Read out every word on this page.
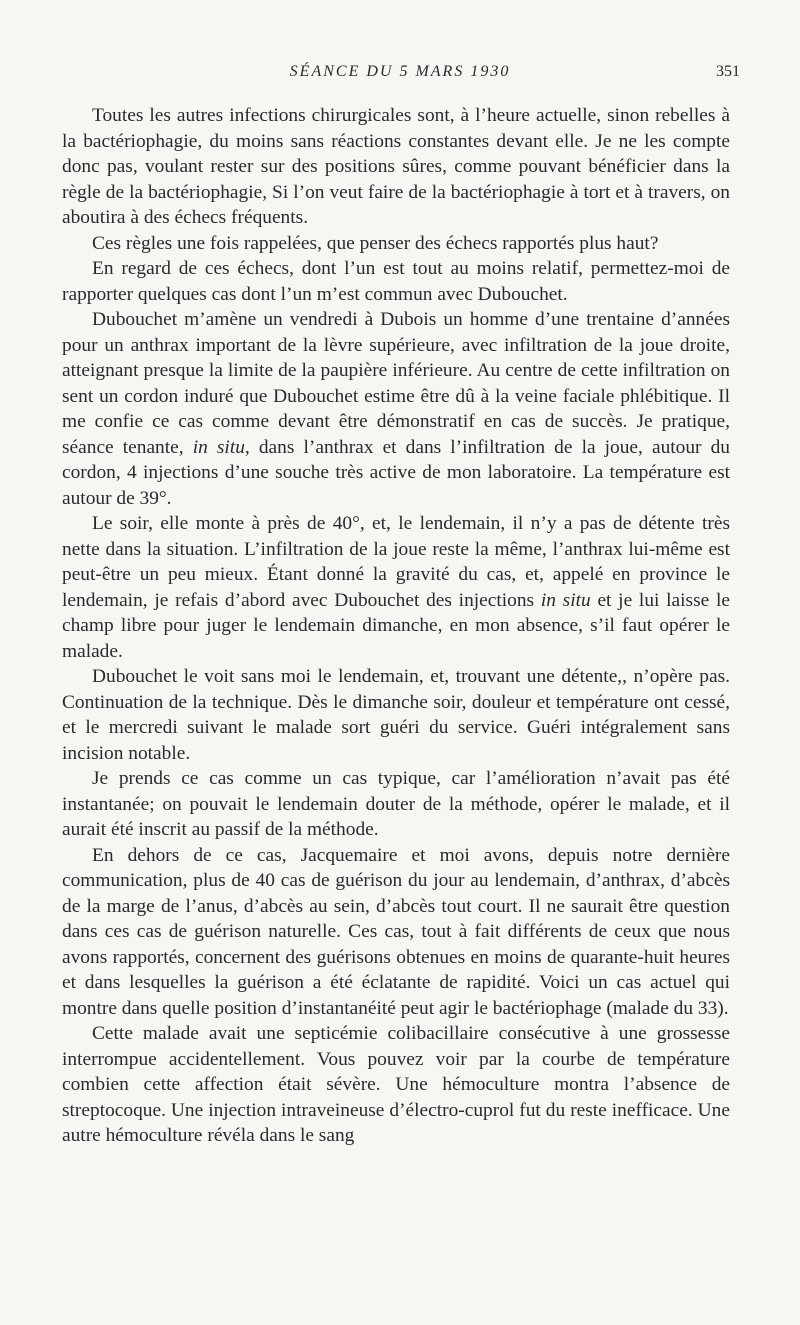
SÉANCE DU 5 MARS 1930	351

Toutes les autres infections chirurgicales sont, à l’heure actuelle, sinon rebelles à la bactériophagie, du moins sans réactions constantes devant elle. Je ne les compte donc pas, voulant rester sur des positions sûres, comme pouvant bénéficier dans la règle de la bactériophagie, Si l’on veut faire de la bactériophagie à tort et à travers, on aboutira à des échecs fréquents.

Ces règles une fois rappelées, que penser des échecs rapportés plus haut?

En regard de ces échecs, dont l’un est tout au moins relatif, permettez-moi de rapporter quelques cas dont l’un m’est commun avec Dubouchet.

Dubouchet m’amène un vendredi à Dubois un homme d’une trentaine d’années pour un anthrax important de la lèvre supérieure, avec infiltration de la joue droite, atteignant presque la limite de la paupière inférieure. Au centre de cette infiltration on sent un cordon induré que Dubouchet estime être dû à la veine faciale phlébitique. Il me confie ce cas comme devant être démonstratif en cas de succès. Je pratique, séance tenante, in situ, dans l’anthrax et dans l’infiltration de la joue, autour du cordon, 4 injections d’une souche très active de mon laboratoire. La température est autour de 39°.

Le soir, elle monte à près de 40°, et, le lendemain, il n’y a pas de détente très nette dans la situation. L’infiltration de la joue reste la même, l’anthrax lui-même est peut-être un peu mieux. Étant donné la gravité du cas, et, appelé en province le lendemain, je refais d’abord avec Dubouchet des injections in situ et je lui laisse le champ libre pour juger le lendemain dimanche, en mon absence, s’il faut opérer le malade.

Dubouchet le voit sans moi le lendemain, et, trouvant une détente,, n’opère pas. Continuation de la technique. Dès le dimanche soir, douleur et température ont cessé, et le mercredi suivant le malade sort guéri du service. Guéri intégralement sans incision notable.

Je prends ce cas comme un cas typique, car l’amélioration n’avait pas été instantanée; on pouvait le lendemain douter de la méthode, opérer le malade, et il aurait été inscrit au passif de la méthode.

En dehors de ce cas, Jacquemaire et moi avons, depuis notre dernière communication, plus de 40 cas de guérison du jour au lendemain, d’anthrax, d’abcès de la marge de l’anus, d’abcès au sein, d’abcès tout court. Il ne saurait être question dans ces cas de guérison naturelle. Ces cas, tout à fait différents de ceux que nous avons rapportés, concernent des guérisons obtenues en moins de quarante-huit heures et dans lesquelles la guérison a été éclatante de rapidité. Voici un cas actuel qui montre dans quelle position d’instantanéité peut agir le bactériophage (malade du 33).

Cette malade avait une septicémie colibacillaire consécutive à une grossesse interrompue accidentellement. Vous pouvez voir par la courbe de température combien cette affection était sévère. Une hémoculture montra l’absence de streptocoque. Une injection intraveineuse d’électro-cuprol fut du reste inefficace. Une autre hémoculture révéla dans le sang
